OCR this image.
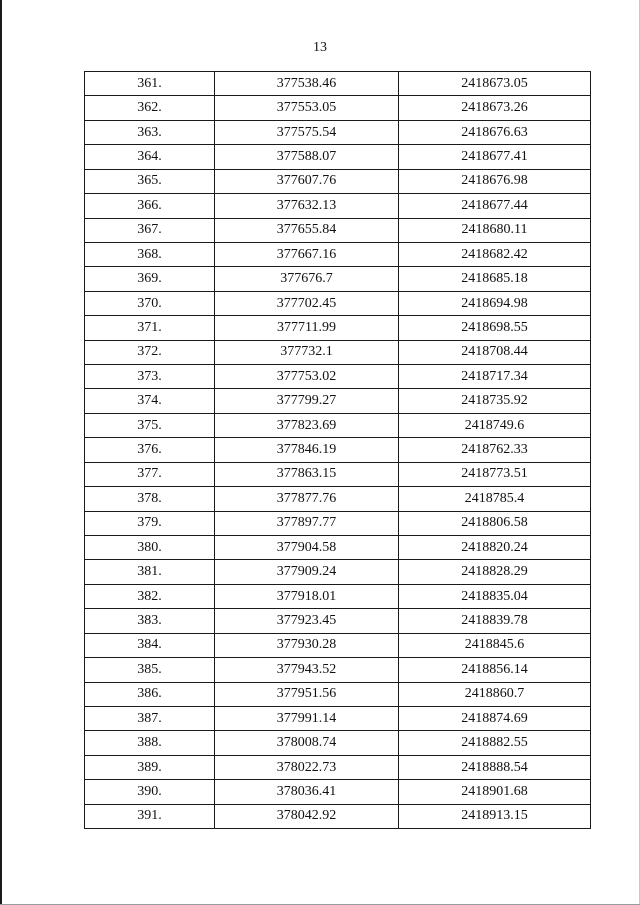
13
361.	377538.46	2418673.05
362.	377553.05	2418673.26
363.	377575.54	2418676.63
364.	377588.07	2418677.41
365.	377607.76	2418676.98
366.	377632.13	2418677.44
367.	377655.84	2418680.11
368.	377667.16	2418682.42
369.	377676.7	2418685.18
370.	377702.45	2418694.98
371.	377711.99	2418698.55
372.	377732.1	2418708.44
373.	377753.02	2418717.34
374.	377799.27	2418735.92
375.	377823.69	2418749.6
376.	377846.19	2418762.33
377.	377863.15	2418773.51
378.	377877.76	2418785.4
379.	377897.77	2418806.58
380.	377904.58	2418820.24
381.	377909.24	2418828.29
382.	377918.01	2418835.04
383.	377923.45	2418839.78
384.	377930.28	2418845.6
385.	377943.52	2418856.14
386.	377951.56	2418860.7
387.	377991.14	2418874.69
388.	378008.74	2418882.55
389.	378022.73	2418888.54
390.	378036.41	2418901.68
391.	378042.92	2418913.15
